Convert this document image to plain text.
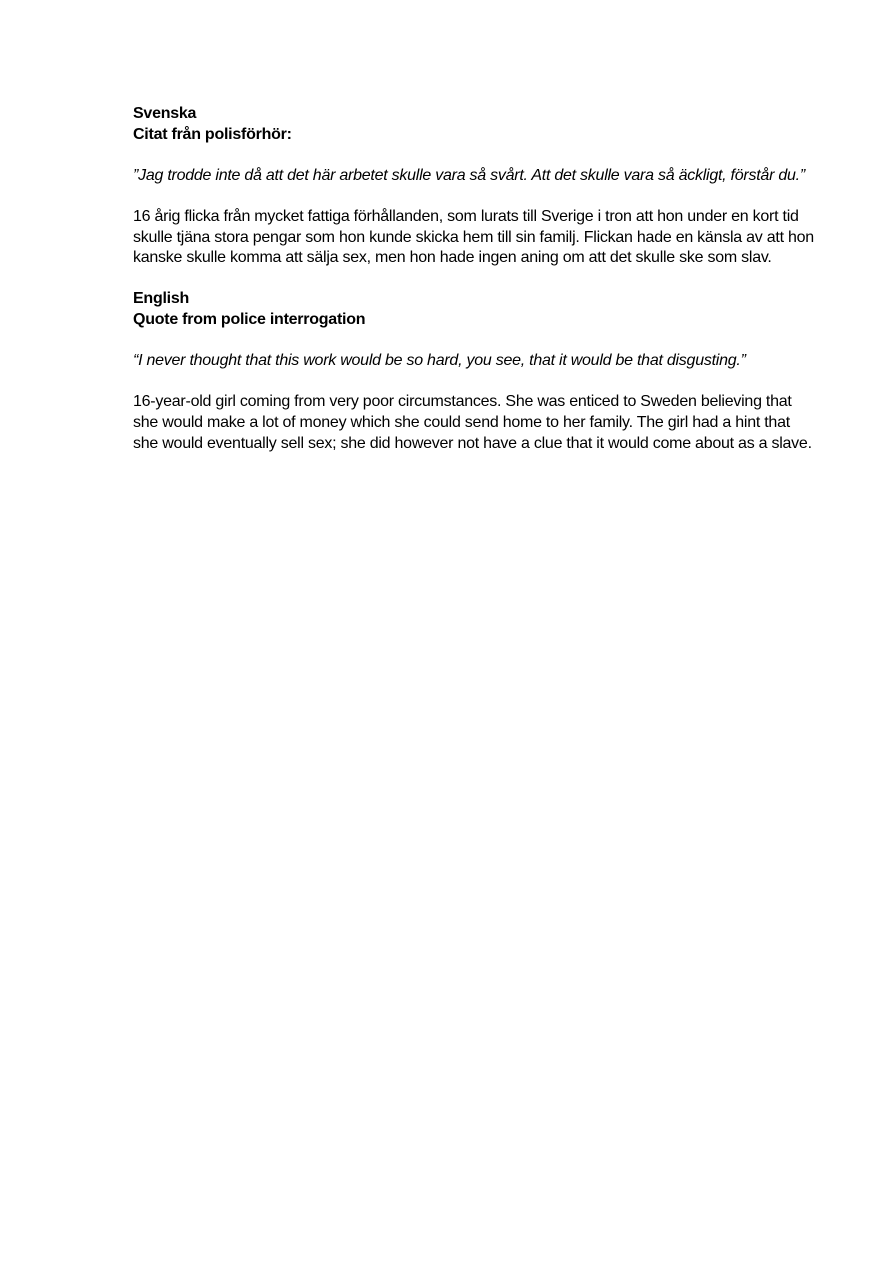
Svenska

Citat från polisförhör:

”Jag trodde inte då att det här arbetet skulle vara så svårt. Att det skulle vara så äckligt, förstår du.”

16 årig flicka från mycket fattiga förhållanden, som lurats till Sverige i tron att hon under en kort tid
skulle tjäna stora pengar som hon kunde skicka hem till sin familj. Flickan hade en känsla av att hon
kanske skulle komma att sälja sex, men hon hade ingen aning om att det skulle ske som slav.

English

Quote from police interrogation

“I never thought that this work would be so hard, you see, that it would be that disgusting.”

16-year-old girl coming from very poor circumstances. She was enticed to Sweden believing that
she would make a lot of money which she could send home to her family. The girl had a hint that
she would eventually sell sex; she did however not have a clue that it would come about as a slave.
